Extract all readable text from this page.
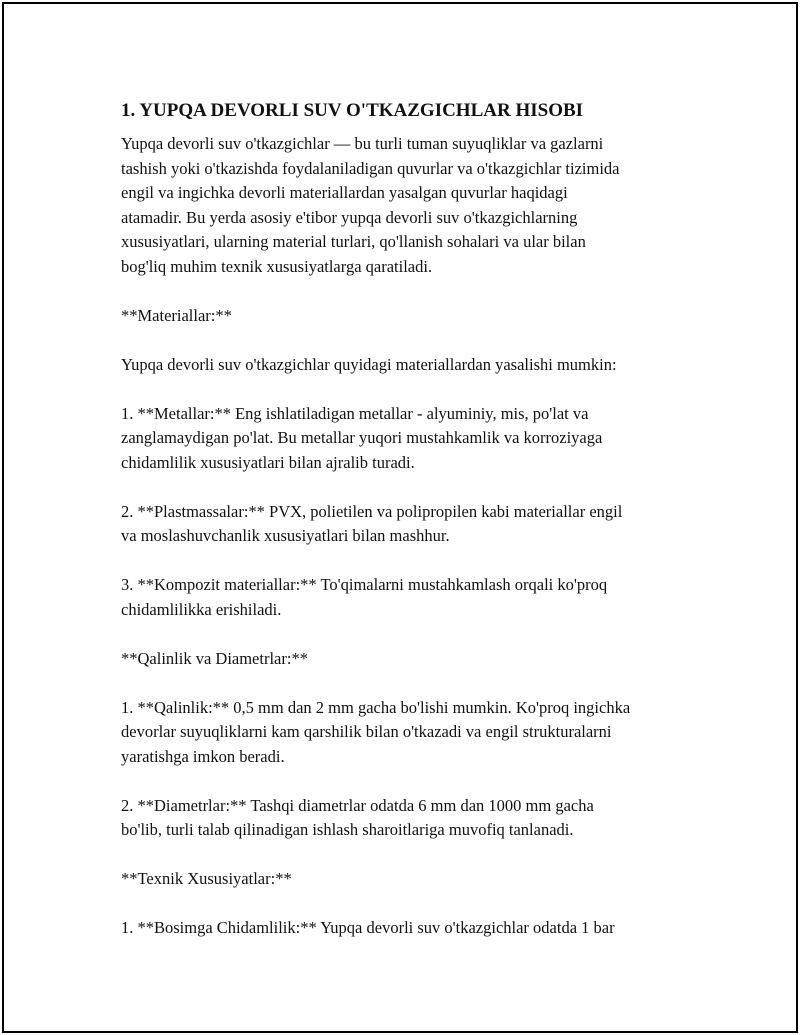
1. YUPQA DEVORLI SUV O'TKAZGICHLAR HISOBI

Yupqa devorli suv o'tkazgichlar — bu turli tuman suyuqliklar va gazlarni
tashish yoki o'tkazishda foydalaniladigan quvurlar va o'tkazgichlar tizimida
engil va ingichka devorli materiallardan yasalgan quvurlar haqidagi
atamadir. Bu yerda asosiy e'tibor yupqa devorli suv o'tkazgichlarning
xususiyatlari, ularning material turlari, qo'llanish sohalari va ular bilan
bog'liq muhim texnik xususiyatlarga qaratiladi.

**Materiallar:**

Yupqa devorli suv o'tkazgichlar quyidagi materiallardan yasalishi mumkin:

1. **Metallar:** Eng ishlatiladigan metallar - alyuminiy, mis, po'lat va
zanglamaydigan po'lat. Bu metallar yuqori mustahkamlik va korroziyaga
chidamlilik xususiyatlari bilan ajralib turadi.

2. **Plastmassalar:** PVX, polietilen va polipropilen kabi materiallar engil
va moslashuvchanlik xususiyatlari bilan mashhur.

3. **Kompozit materiallar:** To'qimalarni mustahkamlash orqali ko'proq
chidamlilikka erishiladi.

**Qalinlik va Diametrlar:**

1. **Qalinlik:** 0,5 mm dan 2 mm gacha bo'lishi mumkin. Ko'proq ingichka
devorlar suyuqliklarni kam qarshilik bilan o'tkazadi va engil strukturalarni
yaratishga imkon beradi.

2. **Diametrlar:** Tashqi diametrlar odatda 6 mm dan 1000 mm gacha
bo'lib, turli talab qilinadigan ishlash sharoitlariga muvofiq tanlanadi.

**Texnik Xususiyatlar:**

1. **Bosimga Chidamlilik:** Yupqa devorli suv o'tkazgichlar odatda 1 bar
